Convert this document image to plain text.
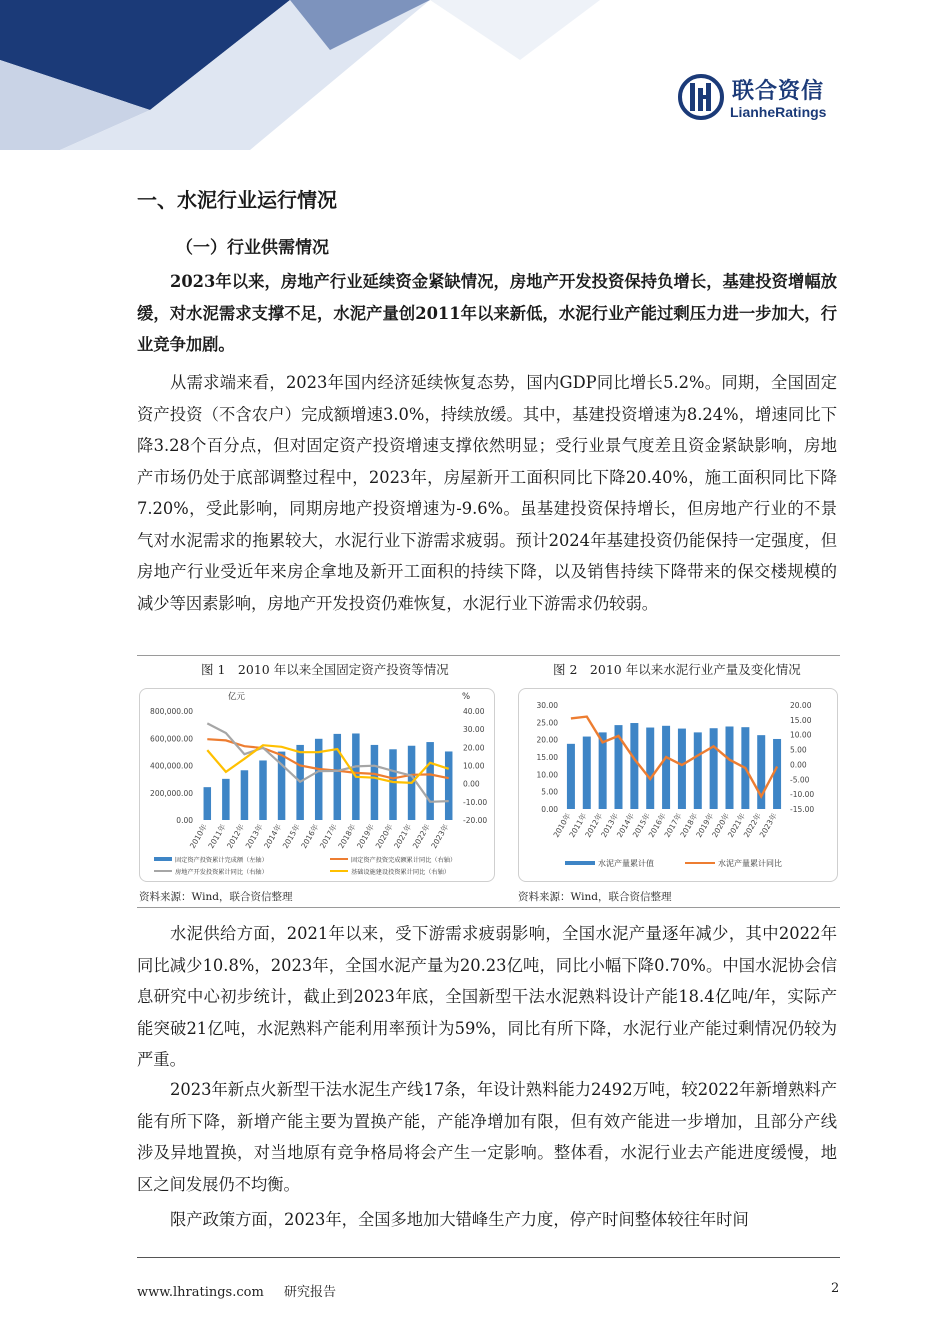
联合资信
LianheRatings
一、水泥行业运行情况
（一）行业供需情况

2023年以来，房地产行业延续资金紧缺情况，房地产开发投资保持负增长，基建投资增幅放缓，对水泥需求支撑不足，水泥产量创2011年以来新低，水泥行业产能过剩压力进一步加大，行业竞争加剧。

从需求端来看，2023年国内经济延续恢复态势，国内GDP同比增长5.2%。同期，全国固定资产投资（不含农户）完成额增速3.0%，持续放缓。其中，基建投资增速为8.24%，增速同比下降3.28个百分点，但对固定资产投资增速支撑依然明显；受行业景气度差且资金紧缺影响，房地产市场仍处于底部调整过程中，2023年，房屋新开工面积同比下降20.40%，施工面积同比下降7.20%，受此影响，同期房地产投资增速为-9.6%。虽基建投资保持增长，但房地产行业的不景气对水泥需求的拖累较大，水泥行业下游需求疲弱。预计2024年基建投资仍能保持一定强度，但房地产行业受近年来房企拿地及新开工面积的持续下降，以及销售持续下降带来的保交楼规模的减少等因素影响，房地产开发投资仍难恢复，水泥行业下游需求仍较弱。

图 1　2010 年以来全国固定资产投资等情况
亿元	%
800,000.00
600,000.00
400,000.00
200,000.00
0.00
40.00
30.00
20.00
10.00
0.00
-10.00
-20.00
2010年
2011年
2012年
2013年
2014年
2015年
2016年
2017年
2018年
2019年
2020年
2021年
2022年
2023年
固定资产投资累计完成额（左轴）	固定资产投资完成额累计同比（右轴）
房地产开发投资累计同比（右轴）	基础设施建设投资累计同比（右轴）
资料来源：Wind，联合资信整理
图 2　2010 年以来水泥行业产量及变化情况
30.00
25.00
20.00
15.00
10.00
5.00
0.00
20.00
15.00
10.00
5.00
0.00
-5.00
-10.00
-15.00
2010年
2011年
2012年
2013年
2014年
2015年
2016年
2017年
2018年
2019年
2020年
2021年
2022年
2023年
水泥产量累计值	水泥产量累计同比
资料来源：Wind，联合资信整理

水泥供给方面，2021年以来，受下游需求疲弱影响，全国水泥产量逐年减少，其中2022年同比减少10.8%，2023年，全国水泥产量为20.23亿吨，同比小幅下降0.70%。中国水泥协会信息研究中心初步统计，截止到2023年底，全国新型干法水泥熟料设计产能18.4亿吨/年，实际产能突破21亿吨，水泥熟料产能利用率预计为59%，同比有所下降，水泥行业产能过剩情况仍较为严重。

2023年新点火新型干法水泥生产线17条，年设计熟料能力2492万吨，较2022年新增熟料产能有所下降，新增产能主要为置换产能，产能净增加有限，但有效产能进一步增加，且部分产线涉及异地置换，对当地原有竞争格局将会产生一定影响。整体看，水泥行业去产能进度缓慢，地区之间发展仍不均衡。

限产政策方面，2023年，全国多地加大错峰生产力度，停产时间整体较往年时间

www.lhratings.com 研究报告	2
